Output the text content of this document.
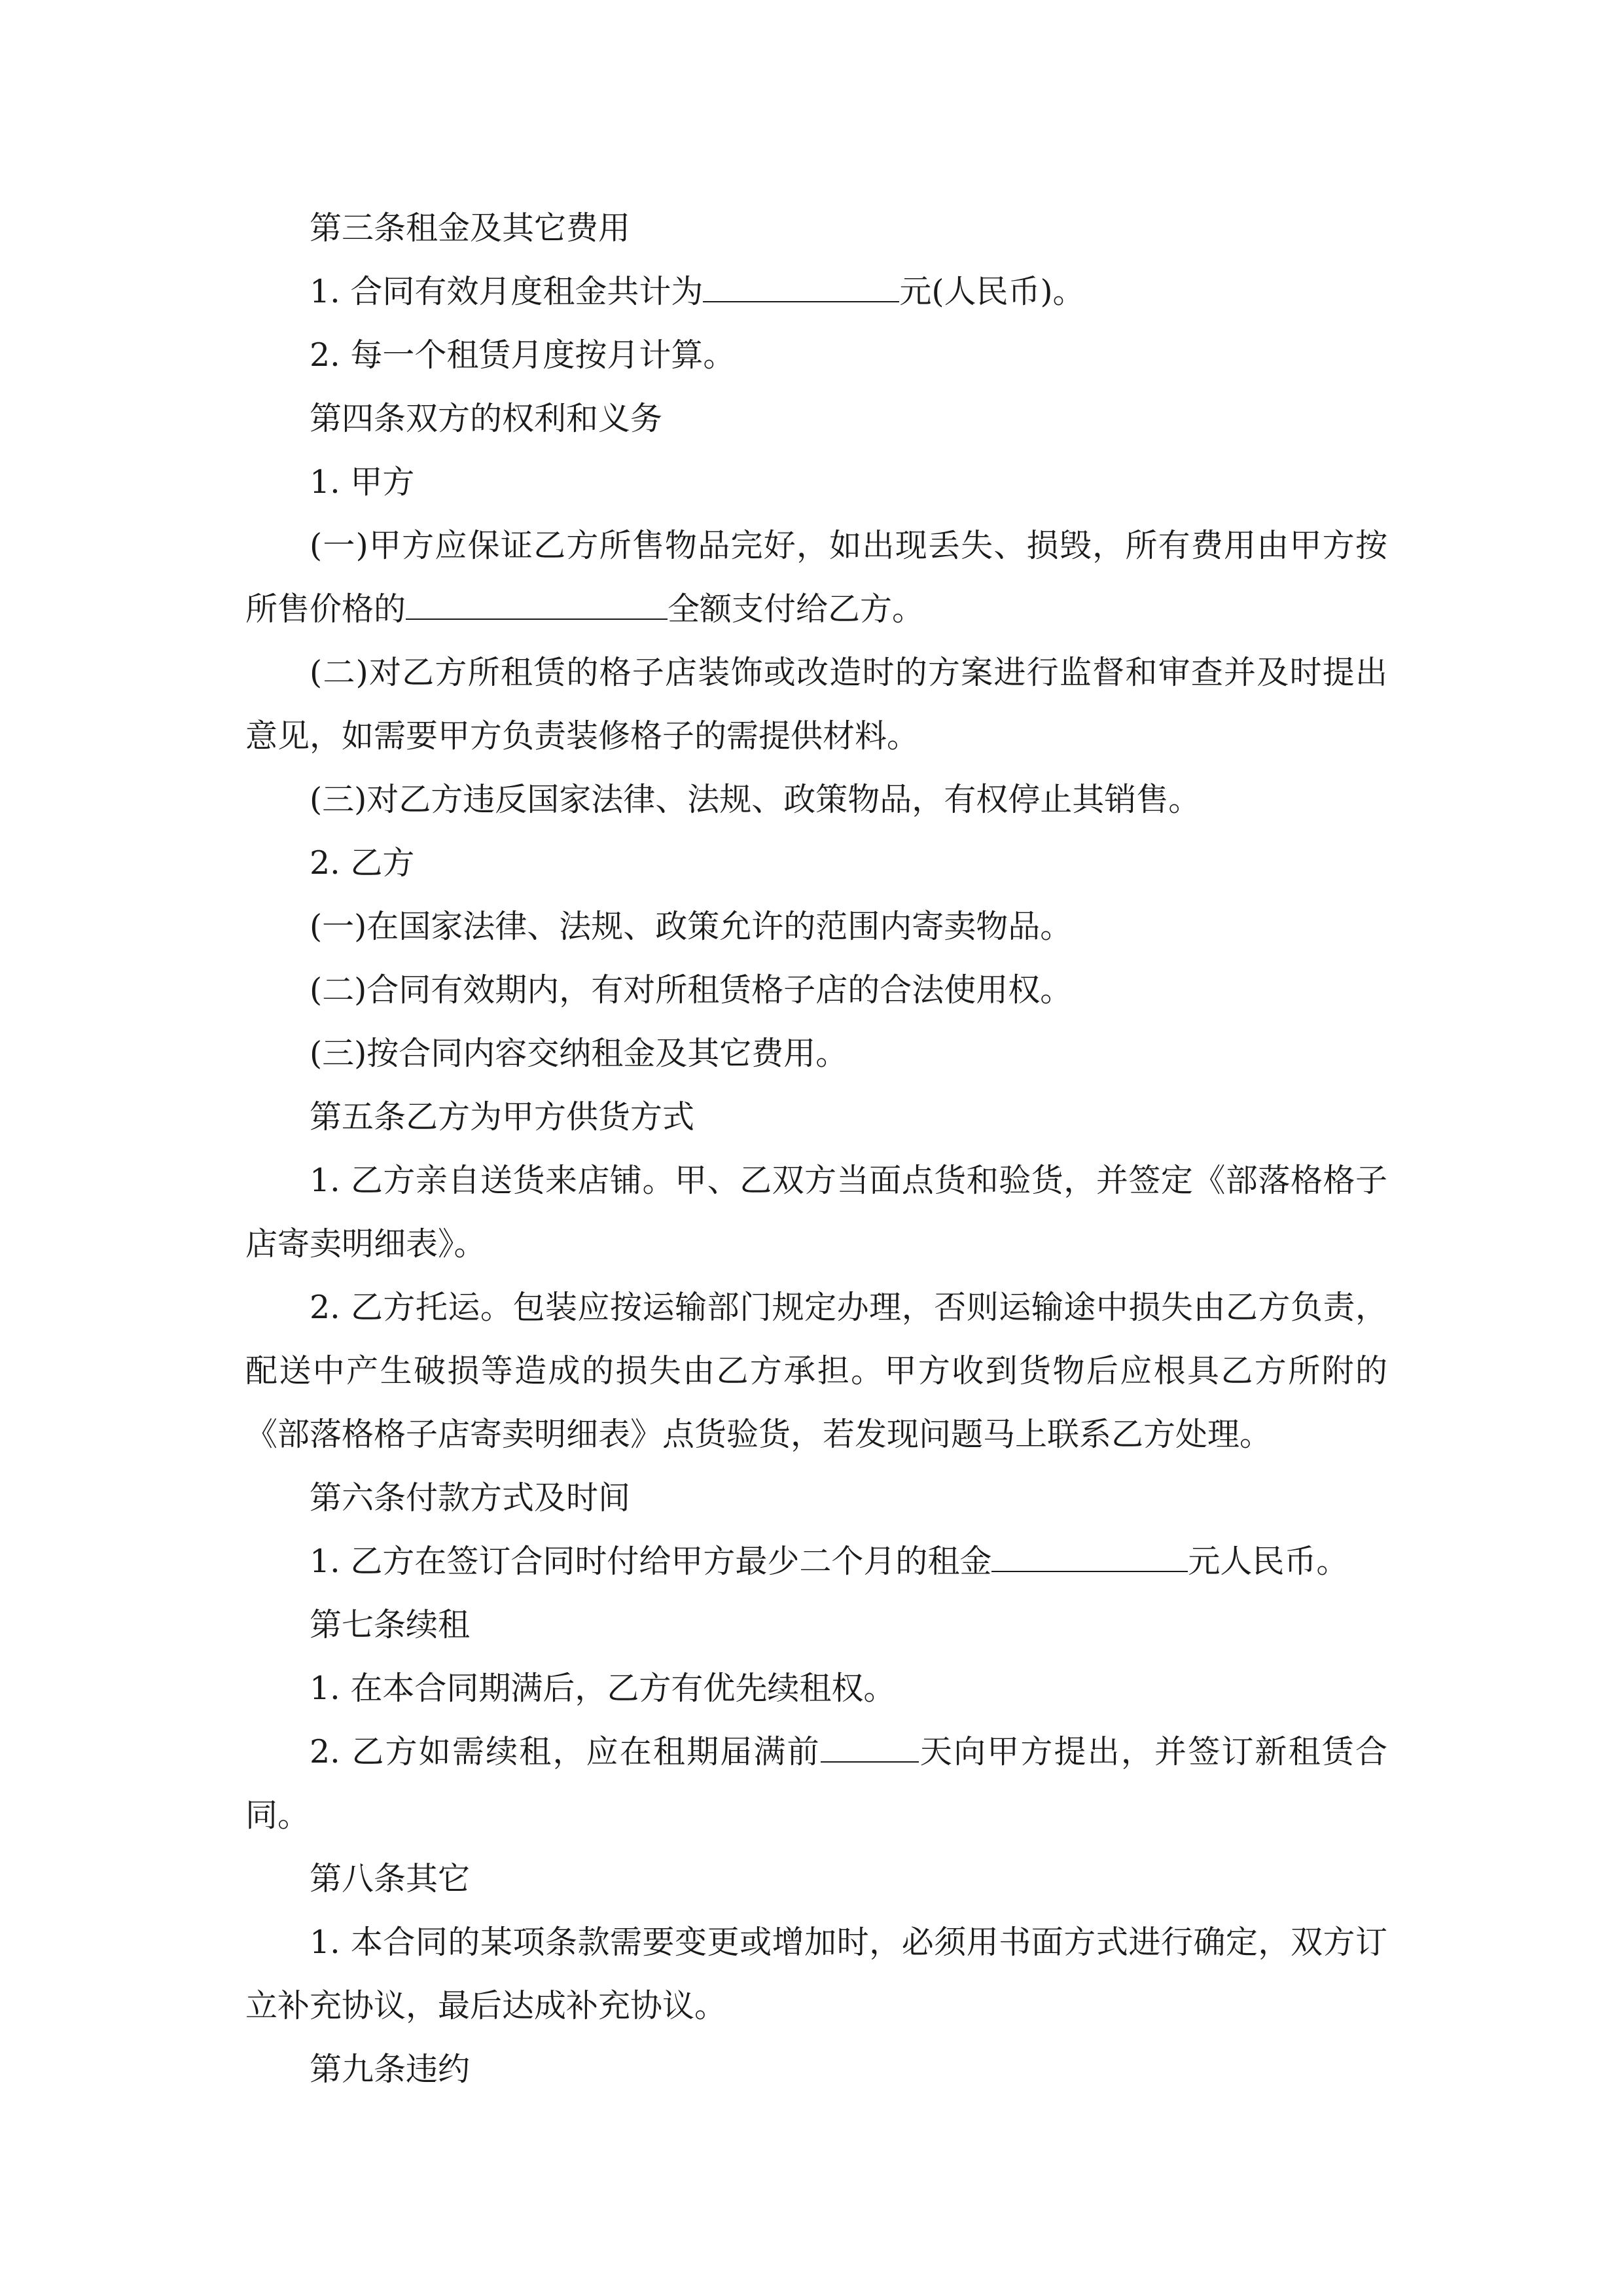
第三条租金及其它费用

1. 合同有效月度租金共计为	元(人民币)。

2. 每一个租赁月度按月计算。

第四条双方的权利和义务

1. 甲方

(一)甲方应保证乙方所售物品完好，如出现丢失、损毁，所有费用由甲方按所售价格的	全额支付给乙方。

(二)对乙方所租赁的格子店装饰或改造时的方案进行监督和审查并及时提出意见，如需要甲方负责装修格子的需提供材料。

(三)对乙方违反国家法律、法规、政策物品，有权停止其销售。

2. 乙方

(一)在国家法律、法规、政策允许的范围内寄卖物品。

(二)合同有效期内，有对所租赁格子店的合法使用权。

(三)按合同内容交纳租金及其它费用。

第五条乙方为甲方供货方式

1. 乙方亲自送货来店铺。甲、乙双方当面点货和验货，并签定《部落格格子店寄卖明细表》。

2. 乙方托运。包装应按运输部门规定办理，否则运输途中损失由乙方负责，配送中产生破损等造成的损失由乙方承担。甲方收到货物后应根具乙方所附的《部落格格子店寄卖明细表》点货验货，若发现问题马上联系乙方处理。

第六条付款方式及时间

1. 乙方在签订合同时付给甲方最少二个月的租金	元人民币。

第七条续租

1. 在本合同期满后，乙方有优先续租权。

2. 乙方如需续租，应在租期届满前	天向甲方提出，并签订新租赁合同。

第八条其它

1. 本合同的某项条款需要变更或增加时，必须用书面方式进行确定，双方订立补充协议，最后达成补充协议。

第九条违约
